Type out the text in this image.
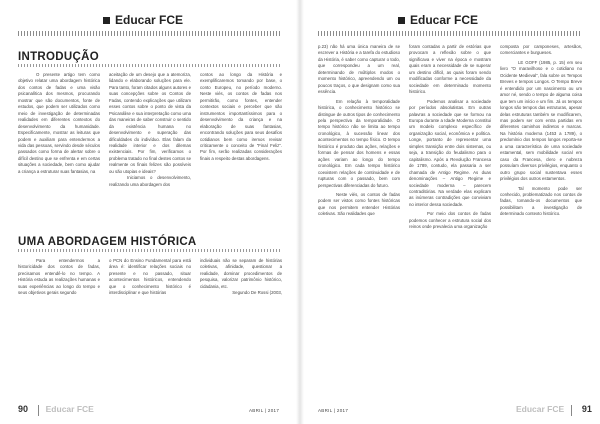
Educar FCE
INTRODUÇÃO

O presente artigo tem como objetivo relatar uma abordagem histórica dos contos de fadas e uma visão psicanalítica dos mesmos, procurando mostrar que são documentos, fonte de estudos, que podem ser utilizados como meio de investigação de determinadas realidades em diferentes contextos do desenvolvimento da humanidade. Especificamente, mostrar as leituras que podem e auxiliam para entendermos a vida das pessoas, servindo desde séculos passados como forma de alertar sobre o difícil destino que se enfrenta e em certas situações a sociedade, bem como ajudar a criança a estruturar suas fantasias, na

aceitação de um desejo que a atemoriza, lidando e elaborando soluções para ele. Para tanto, foram citados alguns autores e suas concepções sobre os Contos de Fadas, contendo explicações que utilizam esses contos sobre o ponto de vista da Psicanálise e sua interpretação como uma das maneiras de saber construir o sentido da existência humana no desenvolvimento e superação das dificuldades do indivíduo. Elas falam da realidade interior e dos dilemas existenciais. Por fim, verificamos o problema tratado no final destes contos se realmente os finais felizes são possíveis ou são utopias e ideais?

Iniciamos o desenvolvimento, realizando uma abordagem dos

contos ao longo da História e exemplificaremos tomando por base, o conto Europeu, no período moderno. Neste viés, os contos de fadas nos permitirão, como fontes, entender contextos sociais e perceber que são instrumentos importantíssimos para o desenvolvimento da criança e na elaboração de suas fantasias, encontrando soluções para seus desafios cotidianos bem como iremos revisar criticamente o conceito de “Final Feliz”. Por fim, serão realizadas considerações finais a respeito destas abordagens.

UMA ABORDAGEM HISTÓRICA

Para entendermos a historicidade dos contos de fadas, precisamos entendê-lo no tempo. A História estuda as realizações humanas e suas experiências ao longo do tempo e seus objetivos gerais segundo

o PCN do Ensino Fundamental para está área é: identificar relações sociais no presente e no passado, situar acontecimentos históricos, entendendo que o conhecimento histórico é interdisciplinar e que histórias

individuais não se separam de histórias coletivas, afinidade, questionar a realidade, dominar procedimentos de pesquisa, valorizar patrimônio histórico, cidadania, etc.

Segundo De Rossi (2003,

90 Educar FCE	ABRIL | 2017
Educar FCE

p.23) não há uma única maneira de se escrever a História e a tarefa do estudioso da História, é saber como capturar o todo, que correspondeu a um real, determinando de múltiplos modos o momento histórico, apreendendo um ou poucos traços, o que designam como sua essência.

Em relação à temporalidade histórica, o conhecimento histórico se distingue de outros tipos de conhecimento pela perspectiva da temporalidade. O tempo histórico não se limita ao tempo cronológico, à sucessão linear dos acontecimentos no tempo físico. O tempo histórico é produto das ações, relações e formas de pensar dos homens e essas ações variam ao longo do tempo cronológico. Em cada tempo histórico coexistem relações de continuidade e de rupturas com o passado, bem com perspectivas diferenciadas do futuro.

Neste viés, os contos de fadas podem ser vistos como fontes históricas que nos permitem entender Histórias coletivas. São realidades que

foram contadas a partir de estórias que provocam a reflexão sobre o que significava e viver na época e mostram quais eram a necessidade de se superar um destino difícil, as quais foram sendo modificadas conforme a necessidade da sociedade em determinado momento histórico.

Podemos analisar a sociedade por períodos absolutistas. Em outras palavras a sociedade que se formou na Europa durante a Idade Moderna constitui um modelo complexo específico de organização social, econômica e política. Longe, portanto de representar uma simples transição entre dois sistemas, ou seja, a transição do feudalismo para o capitalismo. Após a Revolução Francesa de 1789, contudo, ela passaria a ser chamada de Antigo Regime. As duas denominações – Antigo Regime e sociedade moderna – parecem contraditórias. Na verdade elas explicam as inúmeras contradições que conviviam no interior dessa sociedade.

Por meio dos contos de fadas podemos conhecer a estrutura social dos reinos onde prevalecia uma organização

composta por camponeses, artesãos, comerciantes e burgueses.

LE GOFF (1985, p. 15) em seu livro “O maravilhoso e o cotidiano no Ocidente Medieval”, fala sobre os Tempos Breves e tempos Longos. O Tempo Breve é entendido por um nascimento ou um amor né, sendo o tempo de alguma coisa que tem um início e um fim. Já os tempos longos são tempos das estruturas, apesar delas estruturas também se modificarem, mas podem ser com entra partidas em diferentes caminhos indiretos e marcas. Na história moderna (1453 a 1789), o predomínio dos tempos longos reporta-se a uma característica de uma sociedade estamental, sem mobilidade social em caso da Francesa, clero e nobreza possuíam diversos privilégios, enquanto o outro grupo social sustentava esses privilégios dos outros estamentos.

Tal momento pode ser conhecido, problematizado nos contos de fadas, tomando-os documentos que possibilitam a investigação de determinado contexto histórico.

ABRIL | 2017	Educar FCE 91
